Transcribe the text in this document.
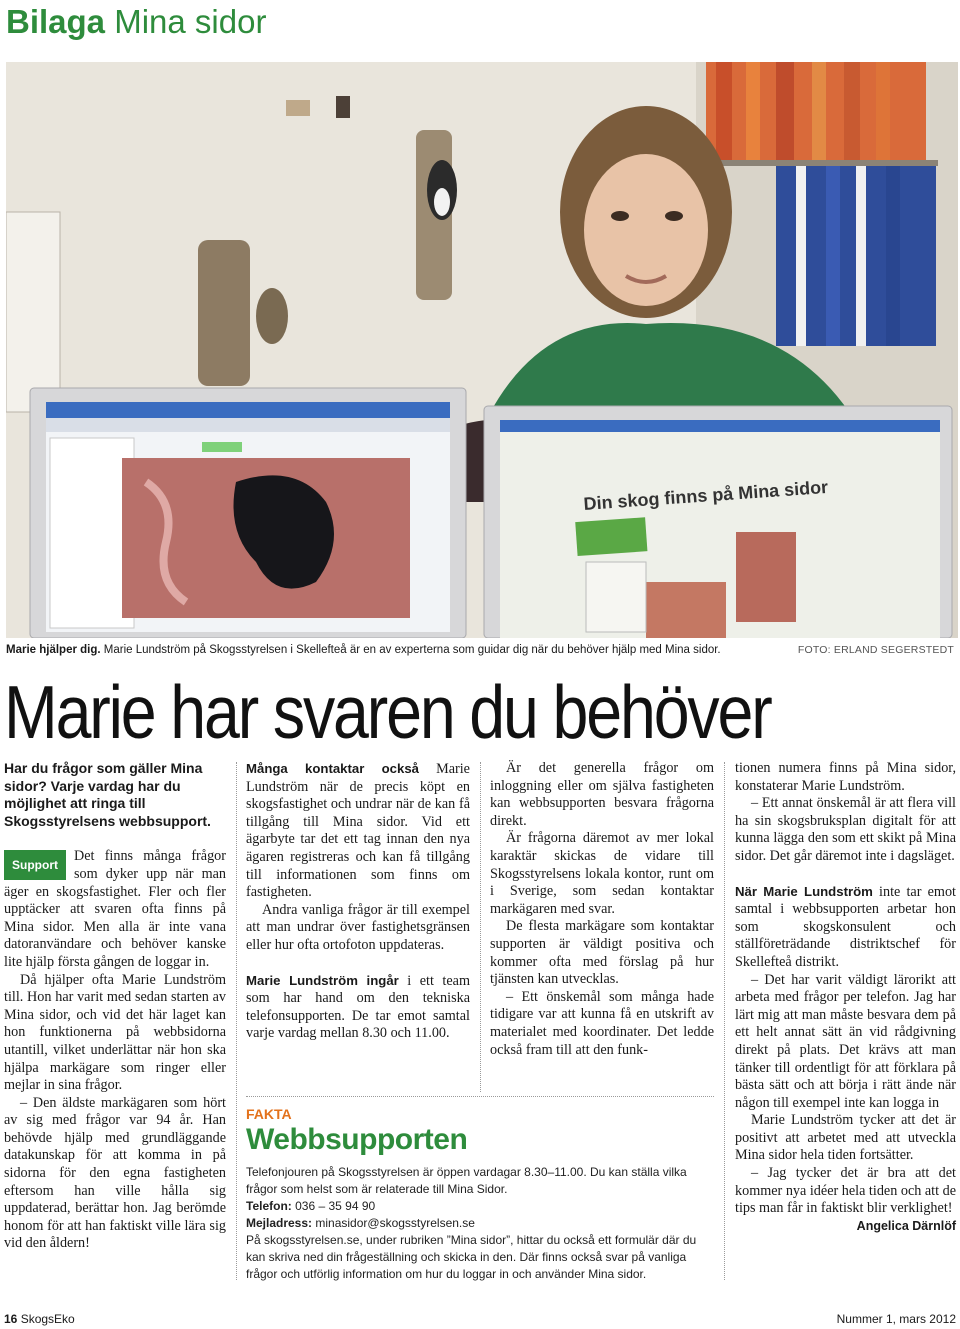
Bilaga Mina sidor
Din skog finns på Mina sidor
Marie hjälper dig. Marie Lundström på Skogsstyrelsen i Skellefteå är en av experterna som guidar dig när du behöver hjälp med Mina sidor.	FOTO: ERLAND SEGERSTEDT
Marie har svaren du behöver
Har du frågor som gäller Mina sidor? Varje vardag har du möjlighet att ringa till Skogsstyrelsens webbsupport.
Support

Det finns många frågor som dyker upp när man äger en skogsfastighet. Fler och fler upptäcker att svaren ofta finns på Mina sidor. Men alla är inte vana datoranvändare och behöver kanske lite hjälp första gången de loggar in.

Då hjälper ofta Marie Lundström till. Hon har varit med sedan starten av Mina sidor, och vid det här laget kan hon funktionerna på webbsidorna utantill, vilket underlättar när hon ska hjälpa markägare som ringer eller mejlar in sina frågor.

– Den äldste markägaren som hört av sig med frågor var 94 år. Han behövde hjälp med grundläggande datakunskap för att komma in på sidorna för den egna fastigheten eftersom han ville hålla sig uppdaterad, berättar hon. Jag berömde honom för att han faktiskt ville lära sig vid den åldern!

Många kontaktar också Marie Lundström när de precis köpt en skogsfastighet och undrar när de kan få tillgång till Mina sidor. Vid ett ägarbyte tar det ett tag innan den nya ägaren registreras och kan få tillgång till informationen som finns om fastigheten.

Andra vanliga frågor är till exempel att man undrar över fastighetsgränsen eller hur ofta ortofoton uppdateras.

Marie Lundström ingår i ett team som har hand om den tekniska telefonsupporten. De tar emot samtal varje vardag mellan 8.30 och 11.00.

Är det generella frågor om inloggning eller om själva fastigheten kan webbsupporten besvara frågorna direkt.

Är frågorna däremot av mer lokal karaktär skickas de vidare till Skogsstyrelsens lokala kontor, runt om i Sverige, som sedan kontaktar markägaren med svar.

De flesta markägare som kontaktar supporten är väldigt positiva och kommer ofta med förslag på hur tjänsten kan utvecklas.

– Ett önskemål som många hade tidigare var att kunna få en utskrift av materialet med koordinater. Det ledde också fram till att den funk-

tionen numera finns på Mina sidor, konstaterar Marie Lundström.

– Ett annat önskemål är att flera vill ha sin skogsbruksplan digitalt för att kunna lägga den som ett skikt på Mina sidor. Det går däremot inte i dagsläget.

När Marie Lundström inte tar emot samtal i webbsupporten arbetar hon som skogskonsulent och ställföreträdande distriktschef för Skellefteå distrikt.

– Det har varit väldigt lärorikt att arbeta med frågor per telefon. Jag har lärt mig att man måste besvara dem på ett helt annat sätt än vid rådgivning direkt på plats. Det krävs att man tänker till ordentligt för att förklara på bästa sätt och att börja i rätt ände när någon till exempel inte kan logga in

Marie Lundström tycker att det är positivt att arbetet med att utveckla Mina sidor hela tiden fortsätter.

– Jag tycker det är bra att det kommer nya idéer hela tiden och att de tips man får in faktiskt blir verklighet!
Angelica Därnlöf

FAKTA
Webbsupporten
Telefonjouren på Skogsstyrelsen är öppen vardagar 8.30–11.00. Du kan ställa vilka frågor som helst som är relaterade till Mina Sidor.
Telefon: 036 – 35 94 90
Mejladress: minasidor@skogsstyrelsen.se
På skogsstyrelsen.se, under rubriken ”Mina sidor”, hittar du också ett formulär där du kan skriva ned din frågeställning och skicka in den. Där finns också svar på vanliga frågor och utförlig information om hur du loggar in och använder Mina sidor.
16 SkogsEko	Nummer 1, mars 2012
